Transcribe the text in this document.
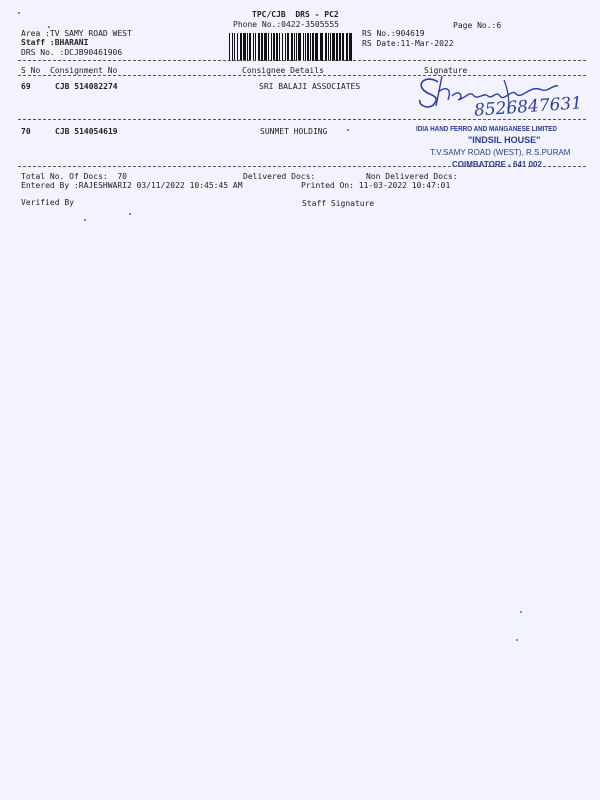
TPC/CJB  DRS - PC2
Phone No.:0422-3505555	Page No.:6
Area :TV SAMY ROAD WEST
Staff :BHARANI
DRS No. :DCJB90461906
RS No.:904619
RS Date:11-Mar-2022
S No Consignment No	Consignee Details	Signature
69	CJB 514082274	SRI BALAJI ASSOCIATES
8526847631
70	CJB 514054619	SUNMET HOLDING	IDIA HAND FERRO AND MANGANESE LIMITED
"INDSIL HOUSE"
T.V.SAMY ROAD (WEST), R.S.PURAM
COIMBATORE - 641 002
Total No. Of Docs:  70	Delivered Docs:	Non Delivered Docs:
Entered By :RAJESHWARI2 03/11/2022 10:45:45 AM	Printed On: 11-03-2022 10:47:01
Verified By	Staff Signature
